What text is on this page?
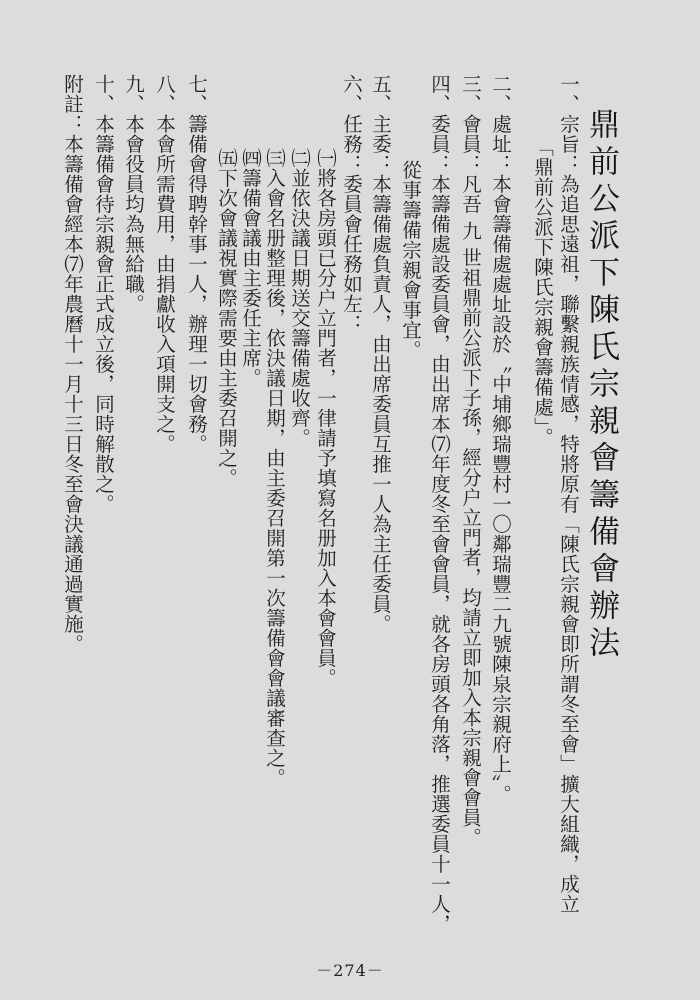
鼎前公派下陳氏宗親會籌備會辦法
一、宗旨：為追思遠祖，聯繫親族情感，特將原有「陳氏宗親會即所謂冬至會」擴大組織，成立
「鼎前公派下陳氏宗親會籌備處」。
二、處址：本會籌備處處址設於〝中埔鄉瑞豐村一〇鄰瑞豐二九號陳泉宗親府上〞。
三、會員：凡吾 九 世祖鼎前公派下子孫，經分户立門者，均請立即加入本宗親會會員。
四、委員：本籌備處設委員會，由出席本⑺年度冬至會會員，就各房頭各角落，推選委員十一人，
從事籌備宗親會事宜。
五、主委：本籌備處負責人，由出席委員互推一人為主任委員。
六、任務：委員會任務如左：
㈠將各房頭已分户立門者，一律請予填寫名册加入本會會員。
㈡並依決議日期送交籌備處收齊。
㈢入會名册整理後，依決議日期，由主委召開第一次籌備會會議審查之。
㈣籌備會議由主委任主席。
㈤下次會議視實際需要由主委召開之。
七、籌備會得聘幹事一人，辦理一切會務。
八、本會所需費用，由捐獻收入項開支之。
九、本會役員均為無給職。
十、本籌備會待宗親會正式成立後，同時解散之。
附註：本籌備會經本⑺年農曆十一月十三日冬至會決議通過實施。
－274－
